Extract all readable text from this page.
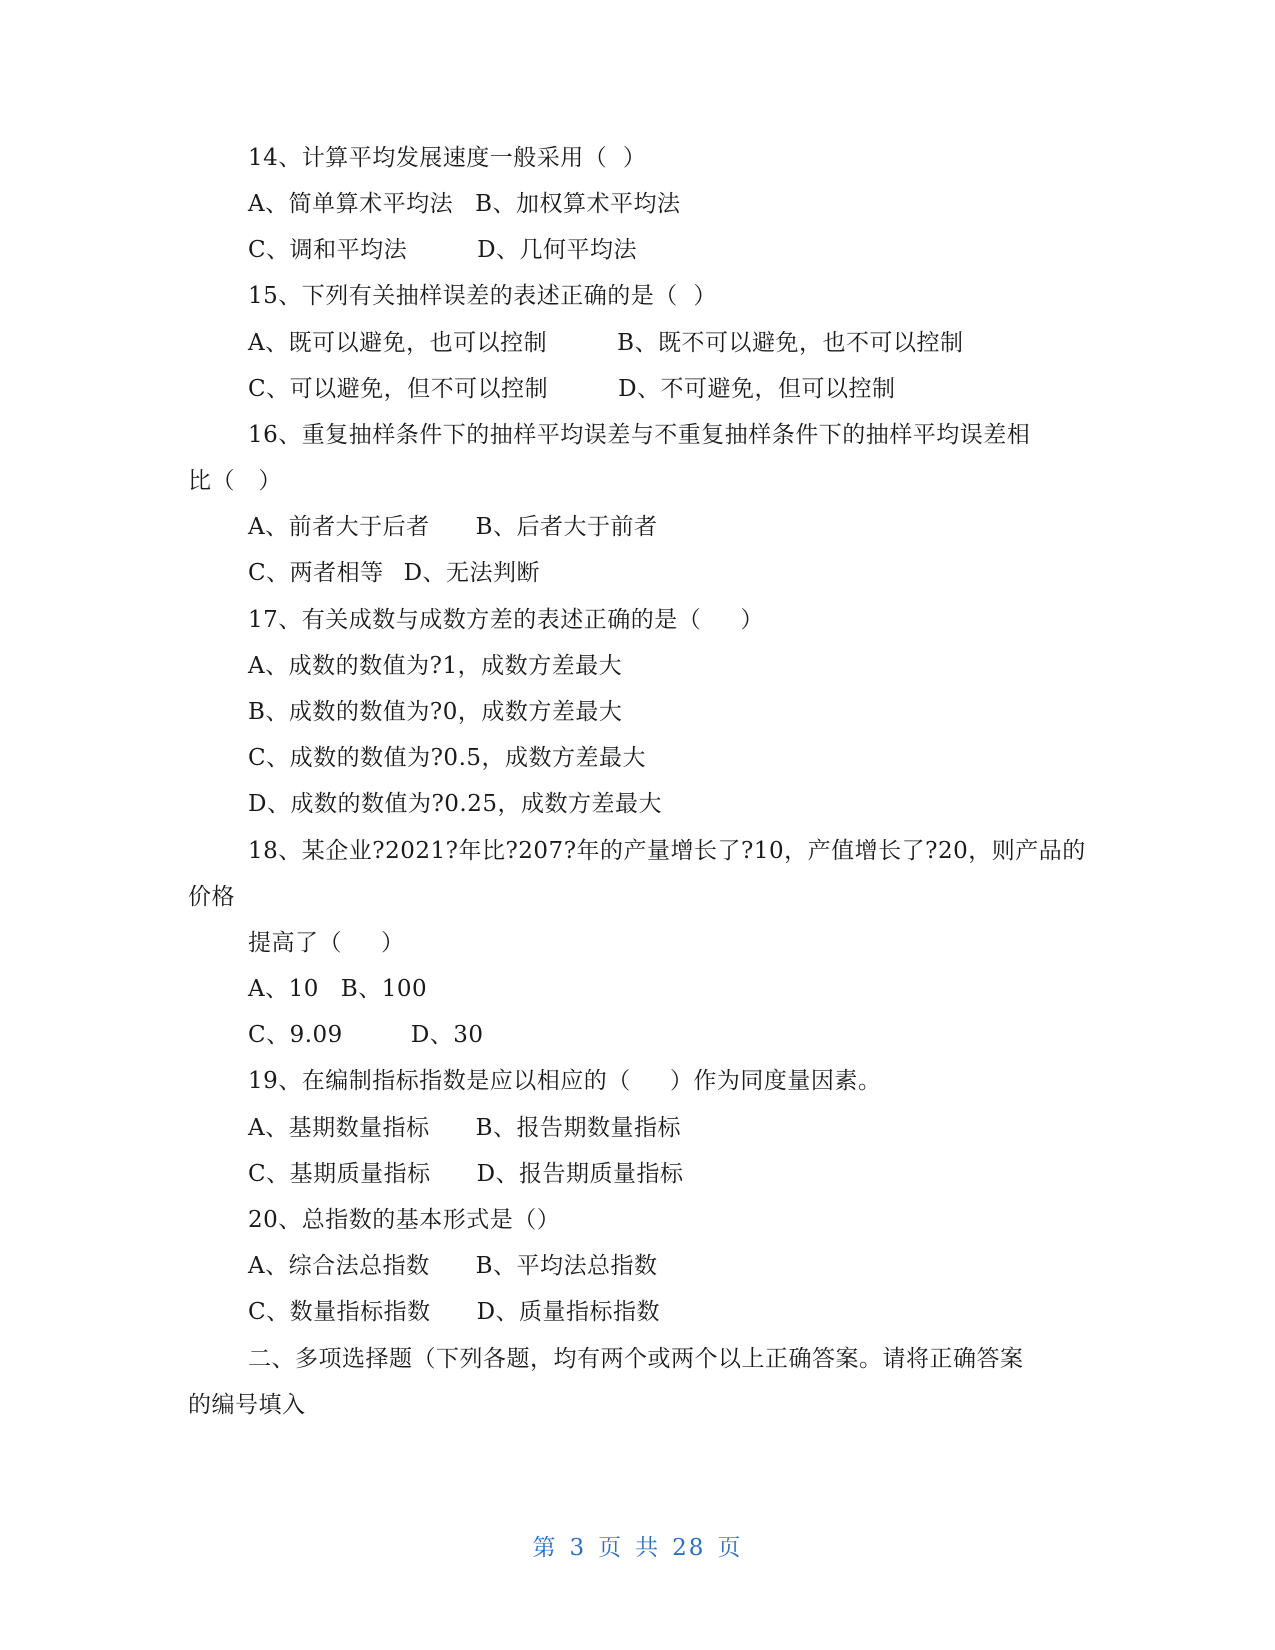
14、计算平均发展速度一般采用（  ）
A、简单算术平均法 B、加权算术平均法
C、调和平均法	D、几何平均法
15、下列有关抽样误差的表述正确的是（  ）
A、既可以避免，也可以控制	B、既不可以避免，也不可以控制
C、可以避免，但不可以控制	D、不可避免，但可以控制
16、重复抽样条件下的抽样平均误差与不重复抽样条件下的抽样平均误差相
比（   ）
A、前者大于后者 B、后者大于前者
C、两者相等 D、无法判断
17、有关成数与成数方差的表述正确的是（     ）
A、成数的数值为?1，成数方差最大
B、成数的数值为?0，成数方差最大
C、成数的数值为?0.5，成数方差最大
D、成数的数值为?0.25，成数方差最大
18、某企业?2021?年比?207?年的产量增长了?10，产值增长了?20，则产品的
价格
提高了（     ）
A、10 B、100
C、9.09	D、30
19、在编制指标指数是应以相应的（     ）作为同度量因素。
A、基期数量指标 B、报告期数量指标
C、基期质量指标 D、报告期质量指标
20、总指数的基本形式是（）
A、综合法总指数 B、平均法总指数
C、数量指标指数 D、质量指标指数
二、多项选择题（下列各题，均有两个或两个以上正确答案。请将正确答案
的编号填入
第 3 页 共 28 页
